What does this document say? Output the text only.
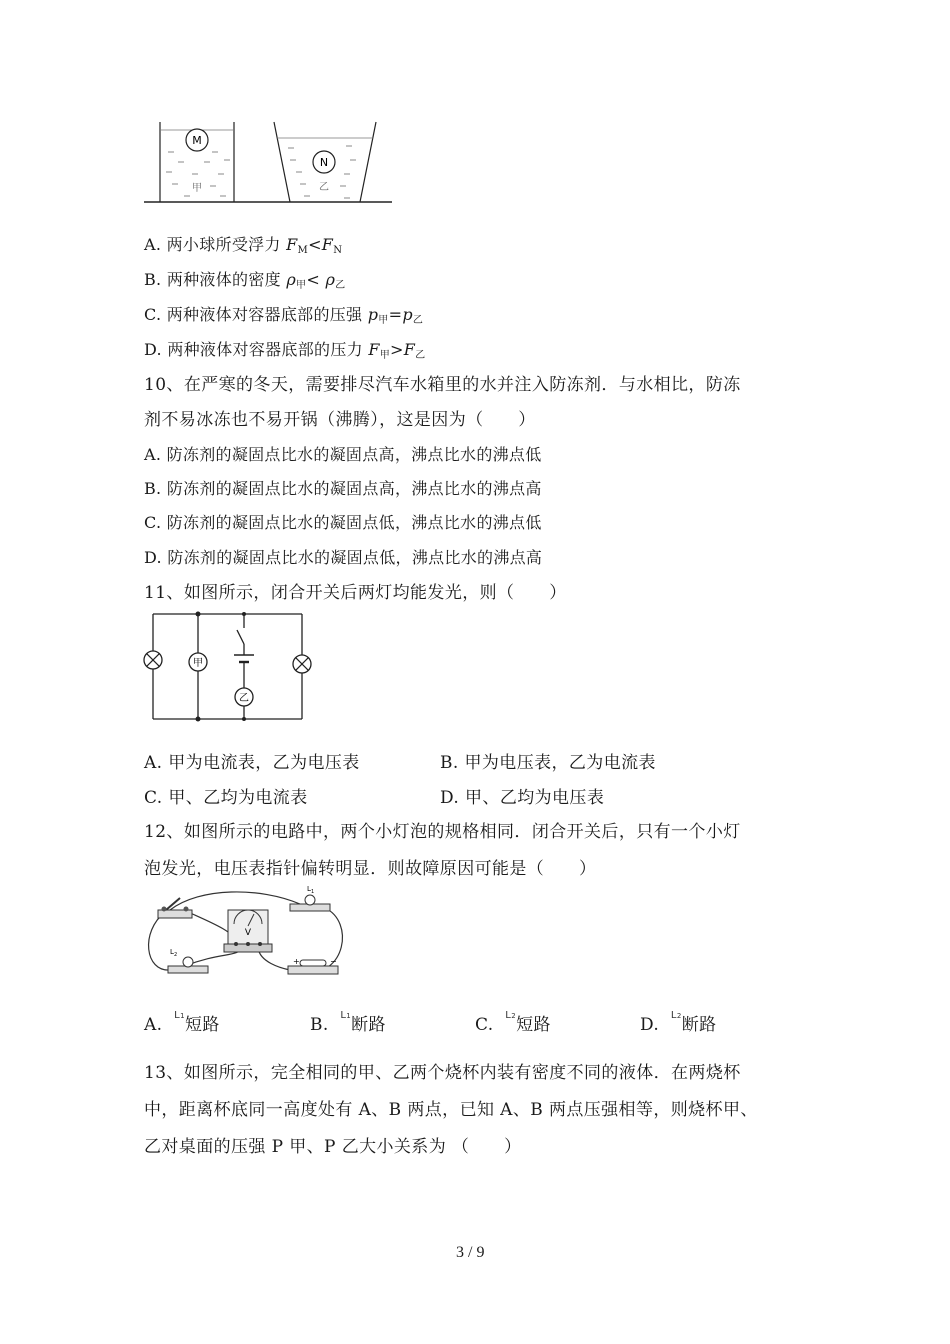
M
甲
N
乙
A. 两小球所受浮力 $F_M<F_N$
B. 两种液体的密度 $\rho_甲< \rho_乙$
C. 两种液体对容器底部的压强 $p_甲=p_乙$
D. 两种液体对容器底部的压力 $F_甲>F_乙$
10、在严寒的冬天，需要排尽汽车水箱里的水并注入防冻剂．与水相比，防冻
剂不易冰冻也不易开锅（沸腾），这是因为（　　）
A. 防冻剂的凝固点比水的凝固点高，沸点比水的沸点低
B. 防冻剂的凝固点比水的凝固点高，沸点比水的沸点高
C. 防冻剂的凝固点比水的凝固点低，沸点比水的沸点低
D. 防冻剂的凝固点比水的凝固点低，沸点比水的沸点高
11、如图所示，闭合开关后两灯均能发光，则（　　）
甲
乙
A. 甲为电流表，乙为电压表	B. 甲为电压表，乙为电流表
C. 甲、乙均为电流表	D. 甲、乙均为电压表
12、如图所示的电路中，两个小灯泡的规格相同．闭合开关后，只有一个小灯
泡发光，电压表指针偏转明显．则故障原因可能是（　　）
V
L 1
L 2
+	−
A. $^{L1}$短路	B. $^{L1}$断路	C. $^{L2}$短路	D. $^{L2}$断路
13、如图所示，完全相同的甲、乙两个烧杯内装有密度不同的液体．在两烧杯
中，距离杯底同一高度处有 A、B 两点，已知 A、B 两点压强相等，则烧杯甲、
乙对桌面的压强 P 甲、P 乙大小关系为 （　　）
3 / 9
